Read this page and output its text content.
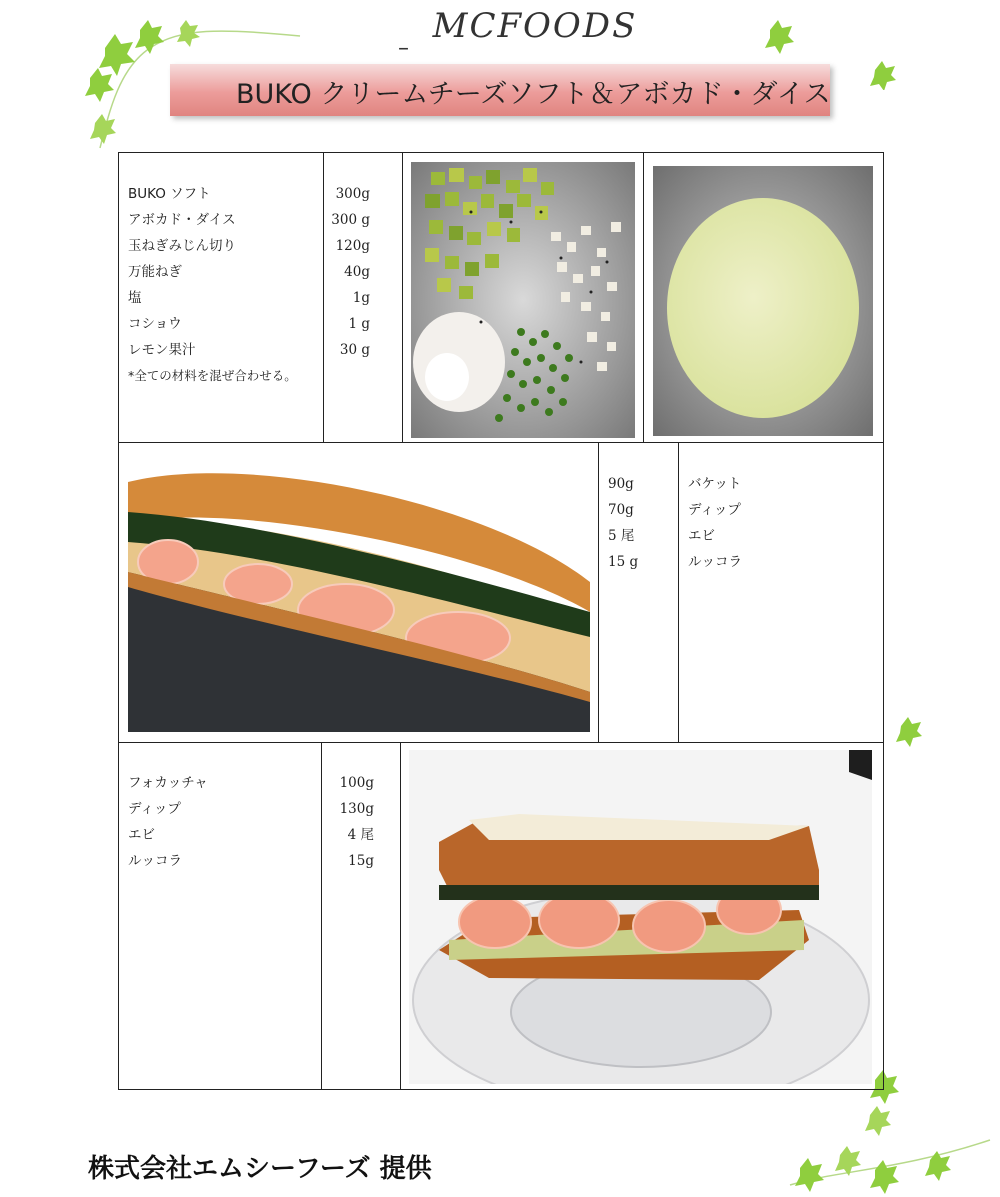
MCFOODS
–
BUKO クリームチーズソフト＆アボカド・ダイス
BUKO ソフト
アボカド・ダイス
玉ねぎみじん切り
万能ねぎ
塩
コショウ
レモン果汁
*全ての材料を混ぜ合わせる。
300g
300 g
120g
40g
1g
1 g
30 g
90g
70g
5 尾
15 g
バケット
ディップ
エビ
ルッコラ
フォカッチャ
ディップ
エビ
ルッコラ
100g
130g
4 尾
15g
株式会社エムシーフーズ 提供
